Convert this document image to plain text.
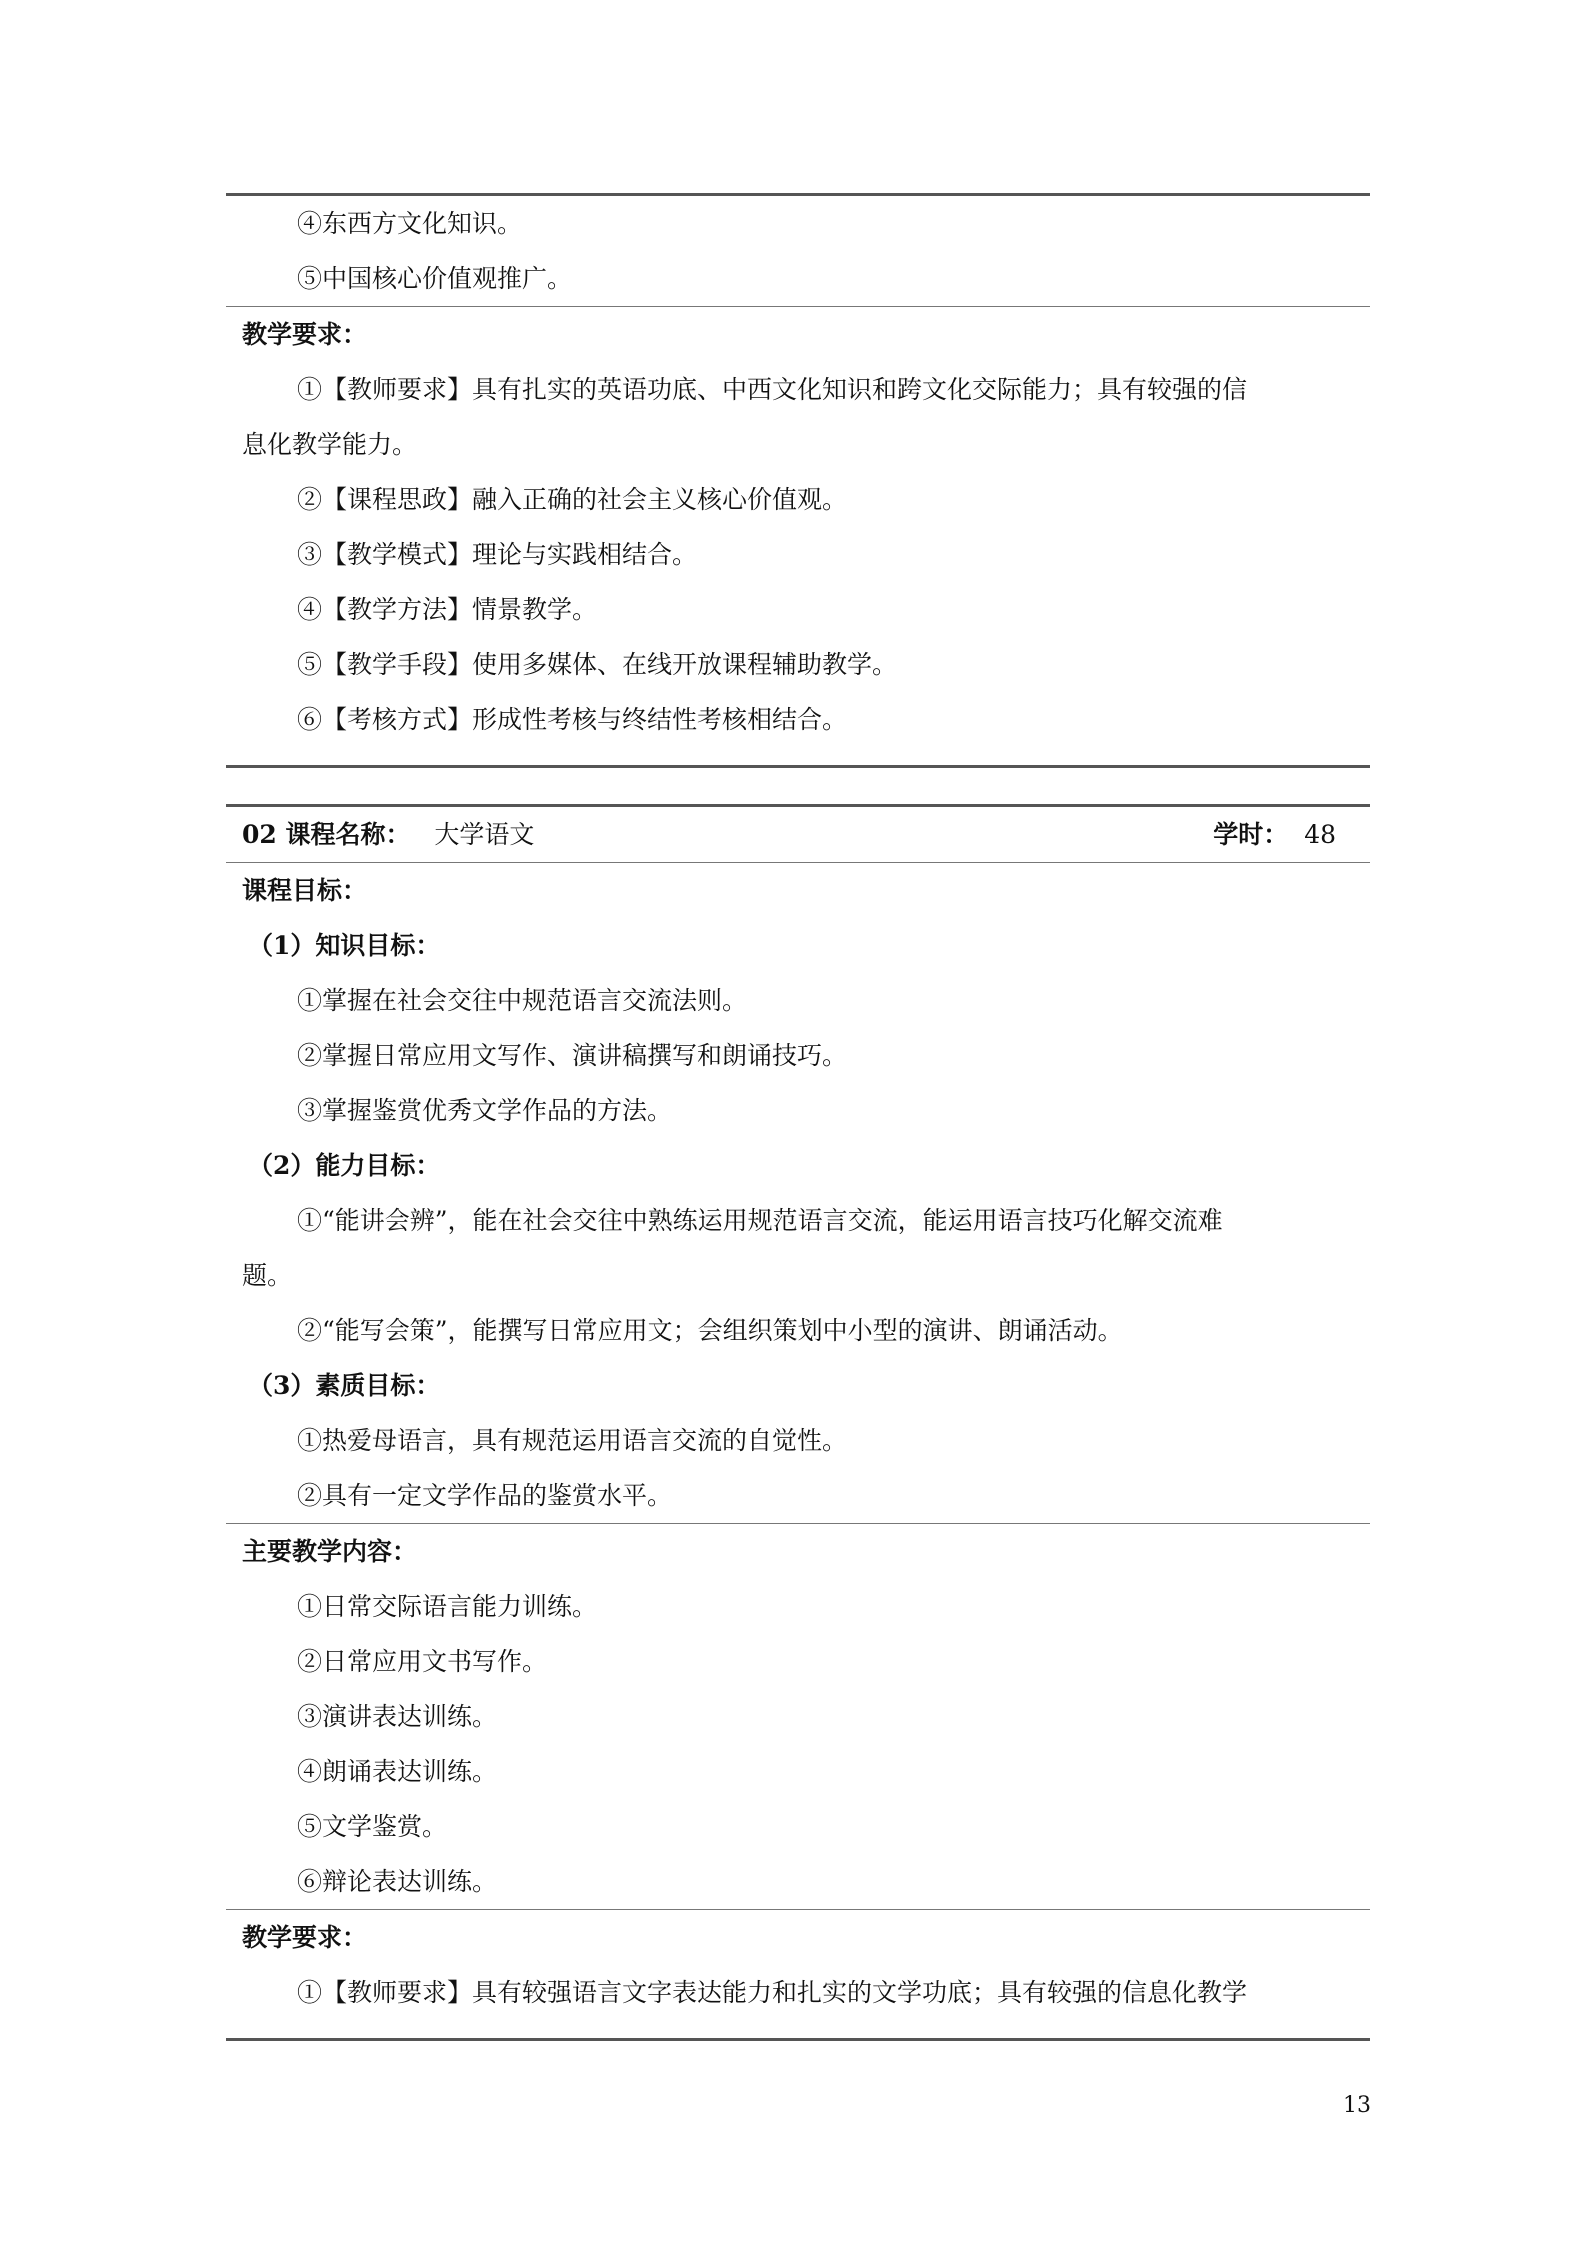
④东西方文化知识。
⑤中国核心价值观推广。
教学要求：
①【教师要求】具有扎实的英语功底、中西文化知识和跨文化交际能力；具有较强的信
息化教学能力。
②【课程思政】融入正确的社会主义核心价值观。
③【教学模式】理论与实践相结合。
④【教学方法】情景教学。
⑤【教学手段】使用多媒体、在线开放课程辅助教学。
⑥【考核方式】形成性考核与终结性考核相结合。
02 课程名称： 大学语文	学时： 48
课程目标：
（1）知识目标：
①掌握在社会交往中规范语言交流法则。
②掌握日常应用文写作、演讲稿撰写和朗诵技巧。
③掌握鉴赏优秀文学作品的方法。
（2）能力目标：
①“能讲会辨”，能在社会交往中熟练运用规范语言交流，能运用语言技巧化解交流难
题。
②“能写会策”，能撰写日常应用文；会组织策划中小型的演讲、朗诵活动。
（3）素质目标：
①热爱母语言，具有规范运用语言交流的自觉性。
②具有一定文学作品的鉴赏水平。
主要教学内容：
①日常交际语言能力训练。
②日常应用文书写作。
③演讲表达训练。
④朗诵表达训练。
⑤文学鉴赏。
⑥辩论表达训练。
教学要求：
①【教师要求】具有较强语言文字表达能力和扎实的文学功底；具有较强的信息化教学
13
